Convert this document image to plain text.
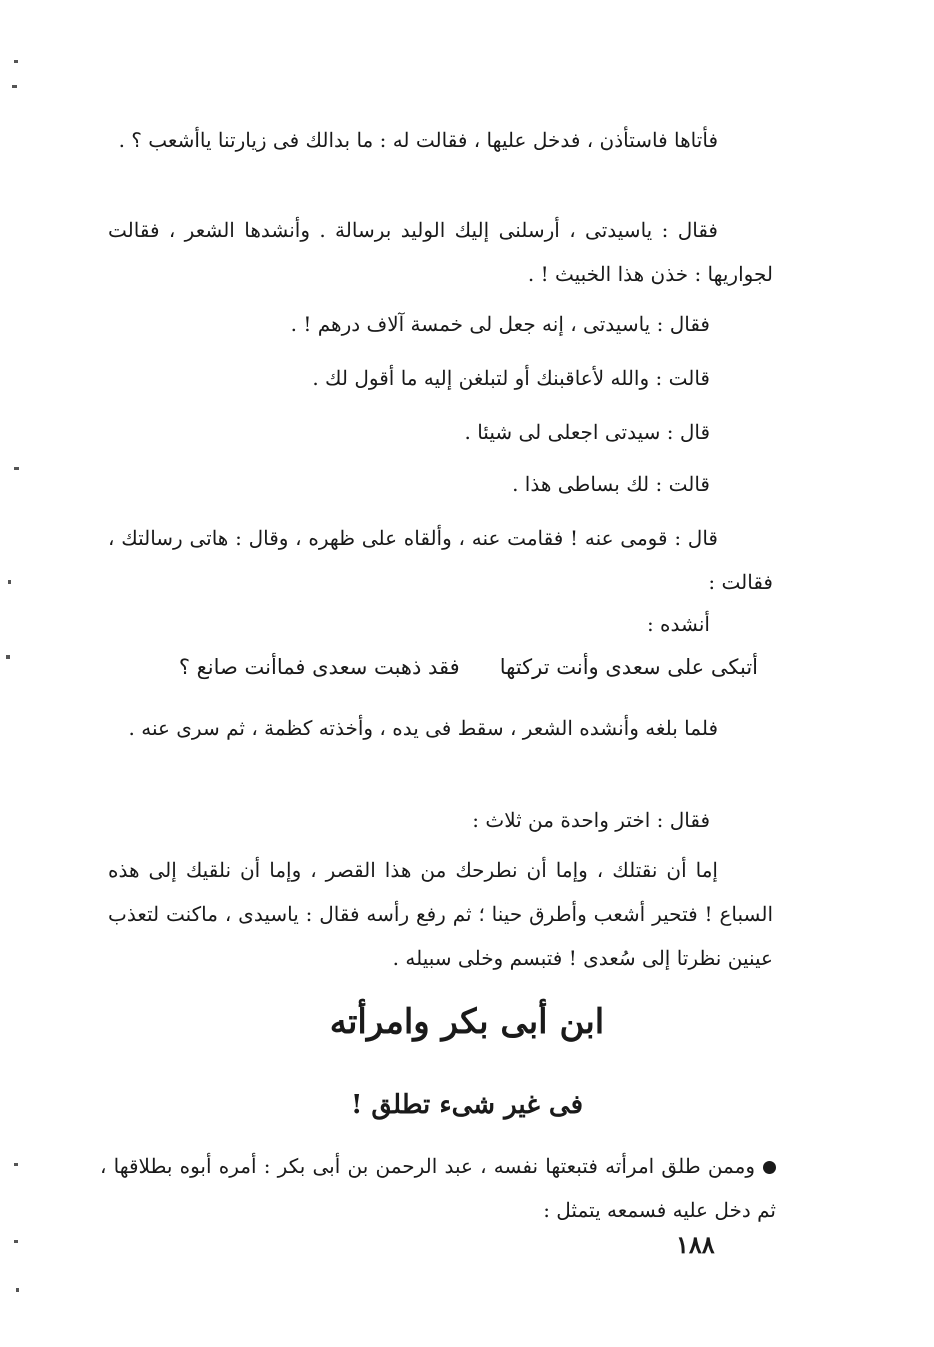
فأتاها فاستأذن ، فدخل عليها ، فقالت له : ما بدالك فى زيارتنا ياأشعب ؟ .
فقال : ياسيدتى ، أرسلنى إليك الوليد برسالة . وأنشدها الشعر ، فقالت لجواريها : خذن هذا الخبيث ! .
فقال : ياسيدتى ، إنه جعل لى خمسة آلاف درهم ! .
قالت : والله لأعاقبنك أو لتبلغن إليه ما أقول لك .
قال : سيدتى اجعلى لى شيئا .
قالت : لك بساطى هذا .
قال : قومى عنه ! فقامت عنه ، وألقاه على ظهره ، وقال : هاتى رسالتك ، فقالت :
أنشده :
أتبكى على سعدى وأنت تركتهافقد ذهبت سعدى فماأنت صانع ؟
فلما بلغه وأنشده الشعر ، سقط فى يده ، وأخذته كظمة ، ثم سرى عنه .
فقال : اختر واحدة من ثلاث :
إما أن نقتلك ، وإما أن نطرحك من هذا القصر ، وإما أن نلقيك إلى هذه السباع ! فتحير أشعب وأطرق حينا ؛ ثم رفع رأسه فقال : ياسيدى ، ماكنت لتعذب عينين نظرتا إلى سُعدى ! فتبسم وخلى سبيله .
ابن أبى بكر وامرأته
فى غير شىء تطلق !
وممن طلق امرأته فتبعتها نفسه ، عبد الرحمن بن أبى بكر : أمره أبوه بطلاقها ، ثم دخل عليه فسمعه يتمثل :
١٨٨
